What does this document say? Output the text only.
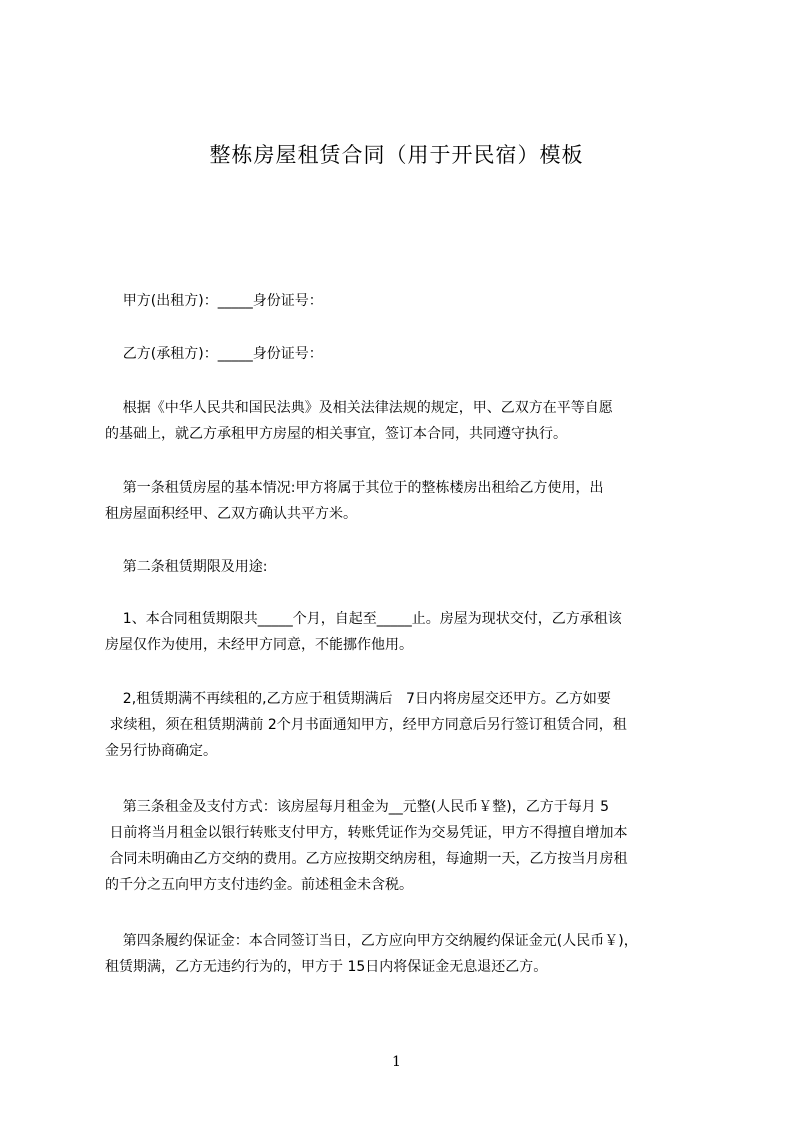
整栋房屋租赁合同（用于开民宿）模板
甲方(出租方)：_____身份证号：
乙方(承租方)：_____身份证号：
根据《中华人民共和国民法典》及相关法律法规的规定，甲、乙双方在平等自愿
的基础上，就乙方承租甲方房屋的相关事宜，签订本合同，共同遵守执行。
第一条租赁房屋的基本情况:甲方将属于其位于的整栋楼房出租给乙方使用，出
租房屋面积经甲、乙双方确认共平方米。
第二条租赁期限及用途:
1、本合同租赁期限共_____个月，自起至_____止。房屋为现状交付，乙方承租该
房屋仅作为使用，未经甲方同意，不能挪作他用。
2,租赁期满不再续租的,乙方应于租赁期满后   7日内将房屋交还甲方。乙方如要
求续租，须在租赁期满前 2个月书面通知甲方，经甲方同意后另行签订租赁合同，租
金另行协商确定。
第三条租金及支付方式：该房屋每月租金为__元整(人民币￥整)，乙方于每月 5
日前将当月租金以银行转账支付甲方，转账凭证作为交易凭证，甲方不得擅自增加本
合同未明确由乙方交纳的费用。乙方应按期交纳房租，每逾期一天，乙方按当月房租
的千分之五向甲方支付违约金。前述租金未含税。
第四条履约保证金：本合同签订当日，乙方应向甲方交纳履约保证金元(人民币￥)，
租赁期满，乙方无违约行为的，甲方于 15日内将保证金无息退还乙方。
1
